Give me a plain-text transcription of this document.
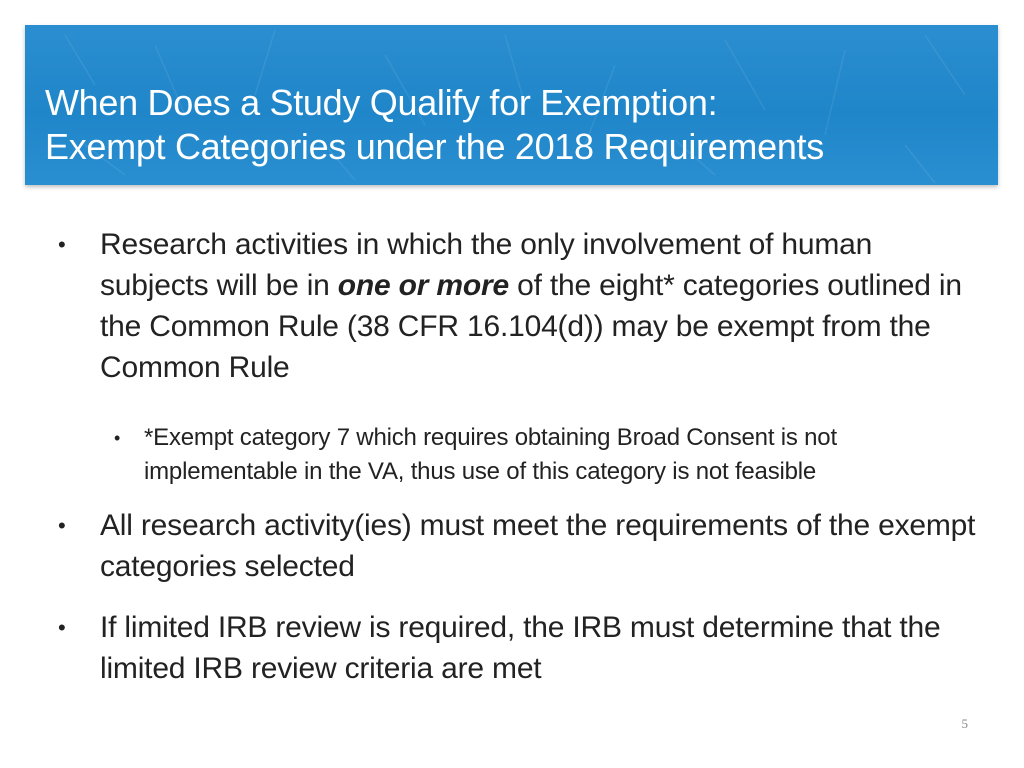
When Does a Study Qualify for Exemption:
Exempt Categories under the 2018 Requirements
• Research activities in which the only involvement of human subjects will be in one or more of the eight* categories outlined in the Common Rule (38 CFR 16.104(d)) may be exempt from the Common Rule
• *Exempt category 7 which requires obtaining Broad Consent is not implementable in the VA, thus use of this category is not feasible
• All research activity(ies) must meet the requirements of the exempt categories selected
• If limited IRB review is required, the IRB must determine that the limited IRB review criteria are met
5
